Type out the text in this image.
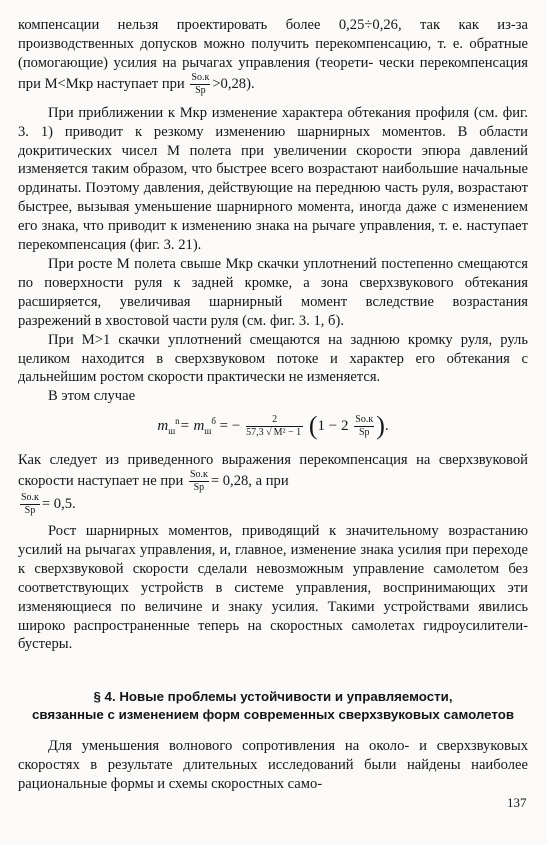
компенсации нельзя проектировать более 0,25÷0,26, так как из-за производственных допусков можно получить перекомпенсацию, т. е. обратные (помогающие) усилия на рычагах управления (теорети- чески перекомпенсация при М<Мкр наступает при $\frac{Sо.к}{Sр} >0,28$).

При приближении к Мкр изменение характера обтекания профиля (см. фиг. 3. 1) приводит к резкому изменению шарнирных моментов. В области докритических чисел М полета при увеличении скорости эпюра давлений изменяется таким образом, что быстрее всего возрастают наибольшие начальные ординаты. Поэтому давления, действующие на переднюю часть руля, возрастают быстрее, вызывая уменьшение шарнирного момента, иногда даже с изменением его знака, что приводит к изменению знака на рычаге управления, т. е. наступает перекомпенсация (фиг. 3. 21).

При росте М полета свыше Мкр скачки уплотнений постепенно смещаются по поверхности руля к задней кромке, а зона сверхзвукового обтекания расширяется, увеличивая шарнирный момент вследствие возрастания разрежений в хвостовой части руля (см. фиг. 3. 1, б).

При М>1 скачки уплотнений смещаются на заднюю кромку руля, руль целиком находится в сверхзвуковом потоке и характер его обтекания с дальнейшим ростом скорости практически не изменяется.

В этом случае

$m_ш^n= m_ш^б$ = − $\frac{2}{\text{57,3 √ M² − 1}} (1 - 2 \frac{Sо.к}{Sр}$ ).

Как следует из приведенного выражения перекомпенсация на сверхзвуковой скорости наступает не при $\frac{Sо.к}{Sр} = 0,28$, а при

$\frac{Sо.к}{Sр} = 0,5$.

Рост шарнирных моментов, приводящий к значительному возрастанию усилий на рычагах управления, и, главное, изменение знака усилия при переходе к сверхзвуковой скорости сделали невозможным управление самолетом без соответствующих устройств в системе управления, воспринимающих эти изменяющиеся по величине и знаку усилия. Такими устройствами явились широко распространенные теперь на скоростных самолетах гидроусилители-бустеры.

§ 4. Новые проблемы устойчивости и управляемости,
связанные с изменением форм современных сверхзвуковых самолетов

Для уменьшения волнового сопротивления на около- и сверхзвуковых скоростях в результате длительных исследований были найдены наиболее рациональные формы и схемы скоростных само-

137
